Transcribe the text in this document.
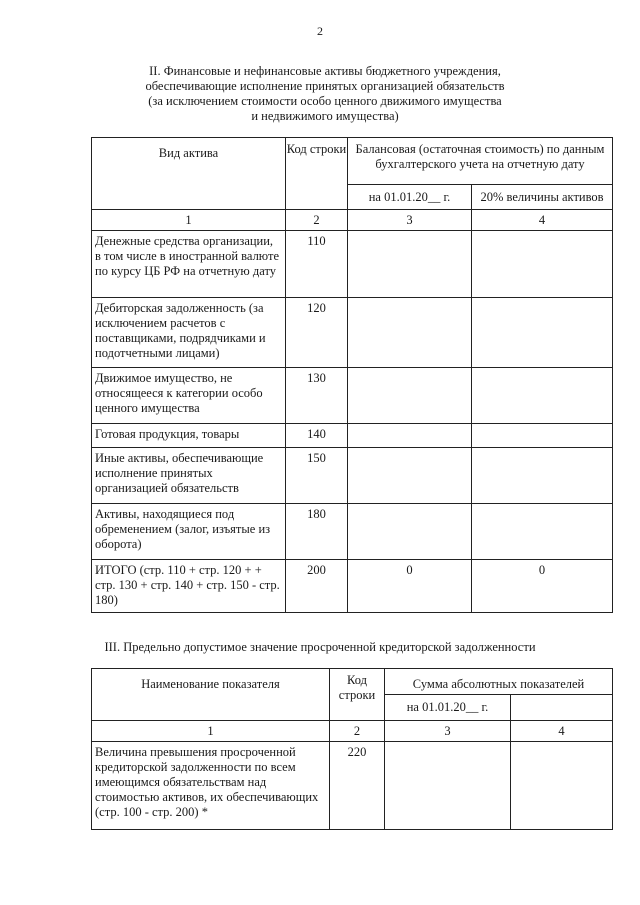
2
II. Финансовые и нефинансовые активы бюджетного учреждения,
обеспечивающие исполнение принятых организацией обязательств
(за исключением стоимости особо ценного движимого имущества
и недвижимого имущества)
Вид актива	Код строки	Балансовая (остаточная стоимость) по данным бухгалтерского учета на отчетную дату	
		на 01.01.20__ г.	20% величины активов
1	2	3	4
Денежные средства организации, в том числе в иностранной валюте по курсу ЦБ РФ на отчетную дату	110		
Дебиторская задолженность (за исключением расчетов с поставщиками, подрядчиками и подотчетными лицами)	120		
Движимое имущество, не относящееся к категории особо ценного имущества	130		
Готовая продукция, товары	140		
Иные активы, обеспечивающие исполнение принятых организацией обязательств	150		
Активы, находящиеся под обременением (залог, изъятые из оборота)	180		
ИТОГО (стр. 110 + стр. 120 + + стр. 130 + стр. 140 + стр. 150 - стр. 180)	200	0	0
III. Предельно допустимое значение просроченной кредиторской задолженности
Наименование показателя	Код строки	Сумма абсолютных показателей	
		на 01.01.20__ г.	
1	2	3	4
Величина превышения просроченной кредиторской задолженности по всем имеющимся обязательствам над стоимостью активов, их обеспечивающих (стр. 100 - стр. 200) *	220		
